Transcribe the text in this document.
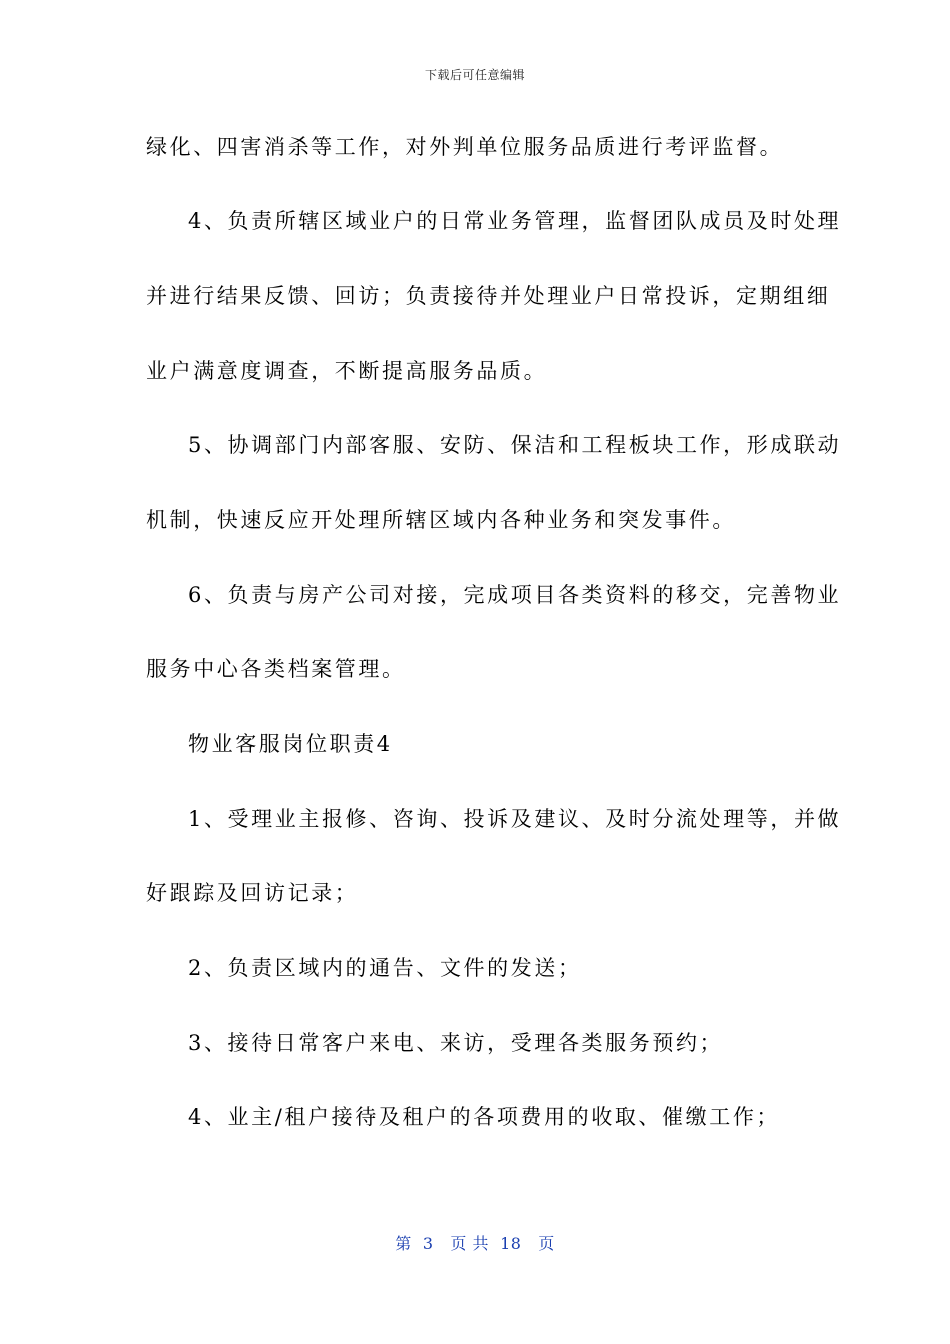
下载后可任意编辑
绿化、四害消杀等工作，对外判单位服务品质进行考评监督。
4、负责所辖区域业户的日常业务管理，监督团队成员及时处理
并进行结果反馈、回访；负责接待并处理业户日常投诉，定期组细
业户满意度调查，不断提高服务品质。
5、协调部门内部客服、安防、保洁和工程板块工作，形成联动
机制，快速反应开处理所辖区域内各种业务和突发事件。
6、负责与房产公司对接，完成项目各类资料的移交，完善物业
服务中心各类档案管理。
物业客服岗位职责4
1、受理业主报修、咨询、投诉及建议、及时分流处理等，并做
好跟踪及回访记录；
2、负责区域内的通告、文件的发送；
3、接待日常客户来电、来访，受理各类服务预约；
4、业主/租户接待及租户的各项费用的收取、催缴工作；
第  3   页 共  18   页
